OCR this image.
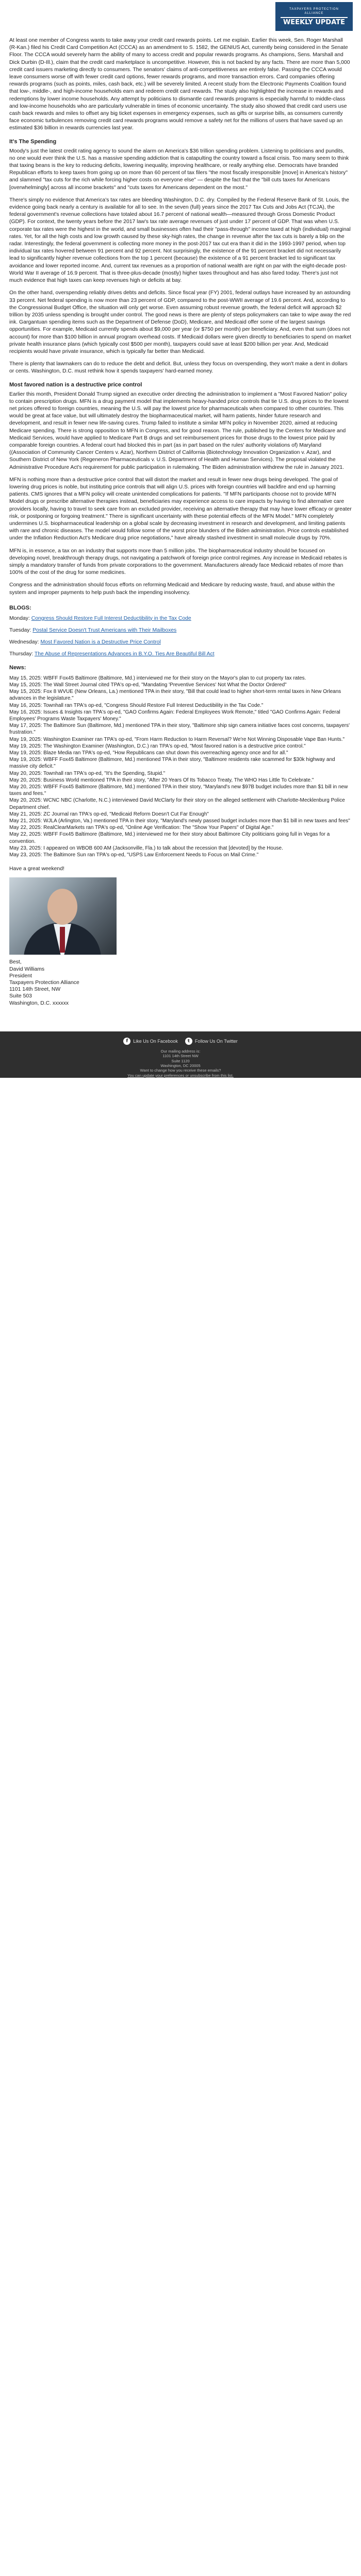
TAXPAYERS PROTECTION ALLIANCE
WEEKLY UPDATE

At least one member of Congress wants to take away your credit card rewards points. Let me explain. Earlier this week, Sen. Roger Marshall (R-Kan.) filed his Credit Card Competition Act (CCCA) as an amendment to S. 1582, the GENIUS Act, currently being considered in the Senate Floor. The CCCA would severely harm the ability of many to access credit and popular rewards programs. As champions, Sens. Marshall and Dick Durbin (D-Ill.), claim that the credit card marketplace is uncompetitive. However, this is not backed by any facts. There are more than 5,000 credit card issuers marketing directly to consumers. The senators' claims of anti-competitiveness are entirely false. Passing the CCCA would leave consumers worse off with fewer credit card options, fewer rewards programs, and more transaction errors. Card companies offering rewards programs (such as points, miles, cash back, etc.) will be severely limited. A recent study from the Electronic Payments Coalition found that low-, middle-, and high-income households earn and redeem credit card rewards. The study also highlighted the increase in rewards and redemptions by lower income households. Any attempt by politicians to dismantle card rewards programs is especially harmful to middle-class and low-income households who are particularly vulnerable in times of economic uncertainty. The study also showed that credit card users use cash back rewards and miles to offset any big ticket expenses in emergency expenses, such as gifts or surprise bills, as consumers currently face economic turbulences removing credit card rewards programs would remove a safety net for the millions of users that have saved up an estimated $36 billion in rewards currencies last year.

It's The Spending

Moody's just the latest credit rating agency to sound the alarm on America's $36 trillion spending problem. Listening to politicians and pundits, no one would ever think the U.S. has a massive spending addiction that is catapulting the country toward a fiscal crisis. Too many seem to think that taxing beans is the key to reducing deficits, lowering inequality, improving healthcare, or really anything else. Democrats have branded Republican efforts to keep taxes from going up on more than 60 percent of tax filers "the most fiscally irresponsible [move] in America's history" and slammed "tax cuts for the rich while forcing higher costs on everyone else" — despite the fact that the "bill cuts taxes for Americans [overwhelmingly] across all income brackets" and "cuts taxes for Americans dependent on the most."

There's simply no evidence that America's tax rates are bleeding Washington, D.C. dry. Compiled by the Federal Reserve Bank of St. Louis, the evidence going back nearly a century is available for all to see. In the seven (full) years since the 2017 Tax Cuts and Jobs Act (TCJA), the federal government's revenue collections have totaled about 16.7 percent of national wealth—measured through Gross Domestic Product (GDP). For context, the twenty years before the 2017 law's tax rate average revenues of just under 17 percent of GDP. That was when U.S. corporate tax rates were the highest in the world, and small businesses often had their "pass-through" income taxed at high (individual) marginal rates. Yet, for all the high costs and low growth caused by these sky-high rates, the change in revenue after the tax cuts is barely a blip on the radar. Interestingly, the federal government is collecting more money in the post-2017 tax cut era than it did in the 1993-1997 period, when top individual tax rates hovered between 91 percent and 92 percent. Not surprisingly, the existence of the 91 percent bracket did not necessarily lead to significantly higher revenue collections from the top 1 percent (because) the existence of a 91 percent bracket led to significant tax avoidance and lower reported income. And, current tax revenues as a proportion of national wealth are right on par with the eight-decade post-World War II average of 16.9 percent. That is three-plus-decade (mostly) higher taxes throughout and has also fared today. There's just not much evidence that high taxes can keep revenues high or deficits at bay.

On the other hand, overspending reliably drives debts and deficits. Since fiscal year (FY) 2001, federal outlays have increased by an astounding 33 percent. Net federal spending is now more than 23 percent of GDP, compared to the post-WWII average of 19.6 percent. And, according to the Congressional Budget Office, the situation will only get worse. Even assuming robust revenue growth, the federal deficit will approach $2 trillion by 2035 unless spending is brought under control. The good news is there are plenty of steps policymakers can take to wipe away the red ink. Gargantuan spending items such as the Department of Defense (DoD), Medicare, and Medicaid offer some of the largest savings opportunities. For example, Medicaid currently spends about $9,000 per year (or $750 per month) per beneficiary. And, even that sum (does not account) for more than $100 billion in annual program overhead costs. If Medicaid dollars were given directly to beneficiaries to spend on market private health insurance plans (which typically cost $500 per month), taxpayers could save at least $200 billion per year. And, Medicaid recipients would have private insurance, which is typically far better than Medicaid.

There is plenty that lawmakers can do to reduce the debt and deficit. But, unless they focus on overspending, they won't make a dent in dollars or cents. Washington, D.C. must rethink how it spends taxpayers' hard-earned money.

Most favored nation is a destructive price control

Earlier this month, President Donald Trump signed an executive order directing the administration to implement a "Most Favored Nation" policy to contain prescription drugs. MFN is a drug payment model that implements heavy-handed price controls that tie U.S. drug prices to the lowest net prices offered to foreign countries, meaning the U.S. will pay the lowest price for pharmaceuticals when compared to other countries. This would be great at face value, but will ultimately destroy the biopharmaceutical market, will harm patients, hinder future research and development, and result in fewer new life-saving cures. Trump failed to institute a similar MFN policy in November 2020, aimed at reducing Medicare spending. There is strong opposition to MFN in Congress, and for good reason. The rule, published by the Centers for Medicare and Medicaid Services, would have applied to Medicare Part B drugs and set reimbursement prices for those drugs to the lowest price paid by comparable foreign countries. A federal court had blocked this in part (as in part based on the rules' authority violations of) Maryland ((Association of Community Cancer Centers v. Azar), Northern District of California (Biotechnology Innovation Organization v. Azar), and Southern District of New York (Regeneron Pharmaceuticals v. U.S. Department of Health and Human Services). The proposal violated the Administrative Procedure Act's requirement for public participation in rulemaking. The Biden administration withdrew the rule in January 2021.

MFN is nothing more than a destructive price control that will distort the market and result in fewer new drugs being developed. The goal of lowering drug prices is noble, but instituting price controls that will align U.S. prices with foreign countries will backfire and end up harming patients. CMS ignores that a MFN policy will create unintended complications for patients. "If MFN participants choose not to provide MFN Model drugs or prescribe alternative therapies instead, beneficiaries may experience access to care impacts by having to find alternative care providers locally, having to travel to seek care from an excluded provider, receiving an alternative therapy that may have lower efficacy or greater risk, or postponing or forgoing treatment." There is significant uncertainty with these potential effects of the MFN Model." MFN completely undermines U.S. biopharmaceutical leadership on a global scale by decreasing investment in research and development, and limiting patients with rare and chronic diseases. The model would follow some of the worst price blunders of the Biden administration. Price controls established under the Inflation Reduction Act's Medicare drug price negotiations," have already stashed investment in small molecule drugs by 70%.

MFN is, in essence, a tax on an industry that supports more than 5 million jobs. The biopharmaceutical industry should be focused on developing novel, breakthrough therapy drugs, not navigating a patchwork of foreign price control regimes. Any increase in Medicaid rebates is simply a mandatory transfer of funds from private corporations to the government. Manufacturers already face Medicaid rebates of more than 100% of the cost of the drug for some medicines.

Congress and the administration should focus efforts on reforming Medicaid and Medicare by reducing waste, fraud, and abuse within the system and improper payments to help push back the impending insolvency.

BLOGS:
Monday: Congress Should Restore Full Interest Deductibility in the Tax Code
Tuesday: Postal Service Doesn't Trust Americans with Their Mailboxes
Wednesday: Most Favored Nation is a Destructive Price Control
Thursday: The Abuse of Representations Advances in B.Y.O. Ties Are Beautiful Bill Act
News:

May 15, 2025: WBFF Fox45 Baltimore (Baltimore, Md.) interviewed me for their story on the Mayor's plan to cut property tax rates.

May 15, 2025: The Wall Street Journal cited TPA's op-ed, "Mandating 'Preventive Services' Not What the Doctor Ordered"

May 15, 2025: Fox 8 WVUE (New Orleans, La.) mentioned TPA in their story, "Bill that could lead to higher short-term rental taxes in New Orleans advances in the legislature."

May 16, 2025: Townhall ran TPA's op-ed, "Congress Should Restore Full Interest Deductibility in the Tax Code."

May 16, 2025: Issues & Insights ran TPA's op-ed, "GAO Confirms Again: Federal Employees Work Remote," titled "GAO Confirms Again: Federal Employees' Programs Waste Taxpayers' Money."

May 17, 2025: The Baltimore Sun (Baltimore, Md.) mentioned TPA in their story, "Baltimore ship sign camera initiative faces cost concerns, taxpayers' frustration."

May 19, 2025: Washington Examiner ran TPA's op-ed, "From Harm Reduction to Harm Reversal? We're Not Winning Disposable Vape Ban Hunts."

May 19, 2025: The Washington Examiner (Washington, D.C.) ran TPA's op-ed, "Most favored nation is a destructive price control."

May 19, 2025: Blaze Media ran TPA's op-ed, "How Republicans can shut down this overreaching agency once and for all."

May 19, 2025: WBFF Fox45 Baltimore (Baltimore, Md.) mentioned TPA in their story, "Baltimore residents rake scammed for $30k highway and massive city deficit."

May 20, 2025: Townhall ran TPA's op-ed, "It's the Spending, Stupid."

May 20, 2025: Business World mentioned TPA in their story, "After 20 Years Of Its Tobacco Treaty, The WHO Has Little To Celebrate."

May 20, 2025: WBFF Fox45 Baltimore (Baltimore, Md.) mentioned TPA in their story, "Maryland's new $97B budget includes more than $1 bill in new taxes and fees."

May 20, 2025: WCNC NBC (Charlotte, N.C.) interviewed David McClarty for their story on the alleged settlement with Charlotte-Mecklenburg Police Department chief.

May 21, 2025: ZC Journal ran TPA's op-ed, "Medicaid Reform Doesn't Cut Far Enough"

May 21, 2025: WJLA (Arlington, Va.) mentioned TPA in their story, "Maryland's newly passed budget includes more than $1 bill in new taxes and fees"

May 22, 2025: RealClearMarkets ran TPA's op-ed, "Online Age Verification: The "Show Your Papers" of Digital Age."

May 22, 2025: WBFF Fox45 Baltimore (Baltimore, Md.) interviewed me for their story about Baltimore City politicians going full in Vegas for a convention.

May 23, 2025: I appeared on WBOB 600 AM (Jacksonville, Fla.) to talk about the recession that [devoted] by the House.

May 23, 2025: The Baltimore Sun ran TPA's op-ed, "USPS Law Enforcement Needs to Focus on Mail Crime."

Have a great weekend!

Best,
David Williams
President
Taxpayers Protection Alliance
1101 14th Street, NW
Suite 503
Washington, D.C. xxxxxx
f	Like Us On Facebook	t	Follow Us On Twitter
Our mailing address is:
1101 14th Street NW
Suite 1120
Washington, DC 20005
Want to change how you receive these emails?
You can update your preferences or unsubscribe from this list.
